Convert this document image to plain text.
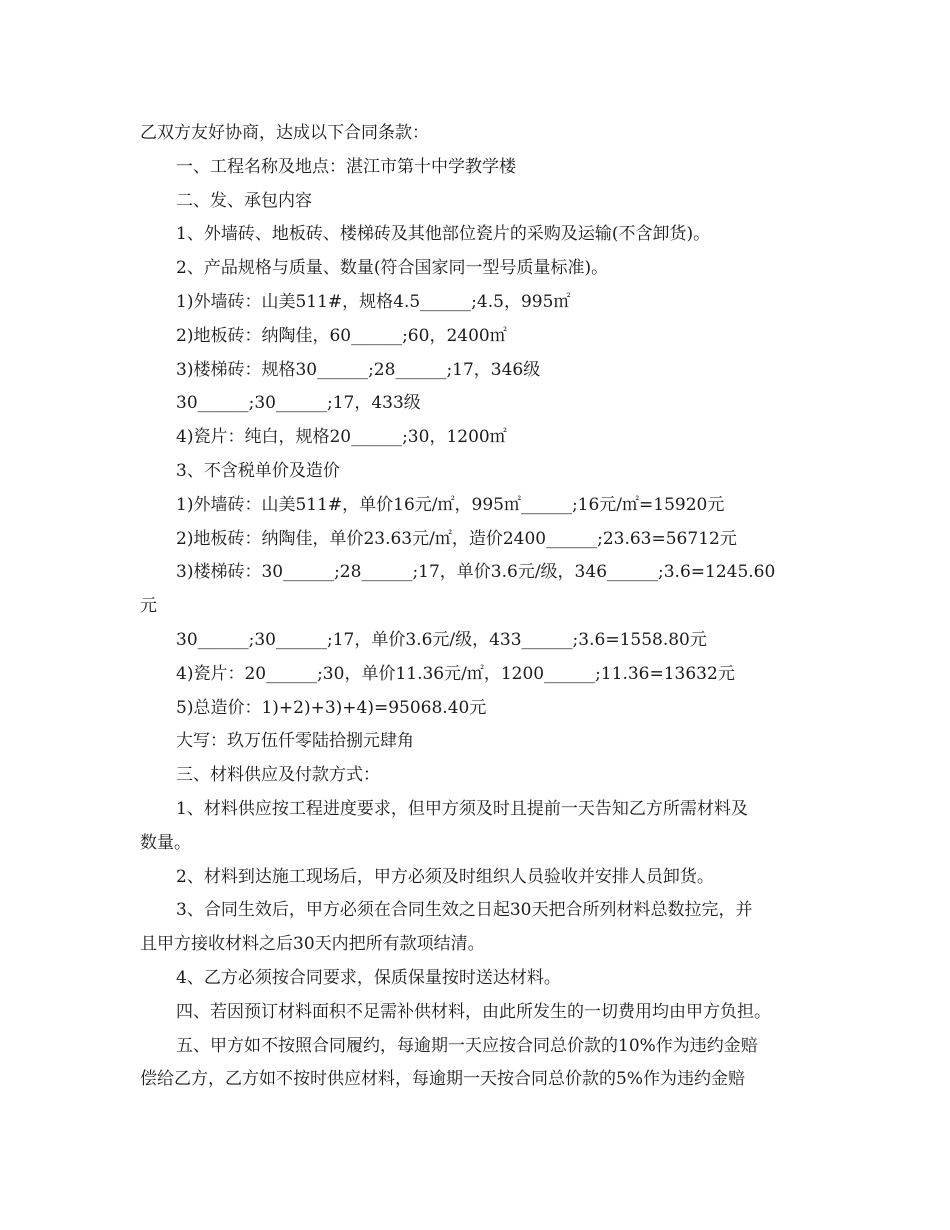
乙双方友好协商，达成以下合同条款：

一、工程名称及地点：湛江市第十中学教学楼

二、发、承包内容

1、外墙砖、地板砖、楼梯砖及其他部位瓷片的采购及运输(不含卸货)。

2、产品规格与质量、数量(符合国家同一型号质量标准)。

1)外墙砖：山美511#，规格4.5______;4.5，995㎡

2)地板砖：纳陶佳，60______;60，2400㎡

3)楼梯砖：规格30______;28______;17，346级

30______;30______;17，433级

4)瓷片：纯白，规格20______;30，1200㎡

3、不含税单价及造价

1)外墙砖：山美511#，单价16元/㎡，995㎡______;16元/㎡=15920元

2)地板砖：纳陶佳，单价23.63元/㎡，造价2400______;23.63=56712元

3)楼梯砖：30______;28______;17，单价3.6元/级，346______;3.6=1245.60

元

30______;30______;17，单价3.6元/级，433______;3.6=1558.80元

4)瓷片：20______;30，单价11.36元/㎡，1200______;11.36=13632元

5)总造价：1)+2)+3)+4)=95068.40元

大写：玖万伍仟零陆拾捌元肆角

三、材料供应及付款方式：

1、材料供应按工程进度要求，但甲方须及时且提前一天告知乙方所需材料及

数量。

2、材料到达施工现场后，甲方必须及时组织人员验收并安排人员卸货。

3、合同生效后，甲方必须在合同生效之日起30天把合所列材料总数拉完，并

且甲方接收材料之后30天内把所有款项结清。

4、乙方必须按合同要求，保质保量按时送达材料。

四、若因预订材料面积不足需补供材料，由此所发生的一切费用均由甲方负担。

五、甲方如不按照合同履约，每逾期一天应按合同总价款的10%作为违约金赔

偿给乙方，乙方如不按时供应材料，每逾期一天按合同总价款的5%作为违约金赔
